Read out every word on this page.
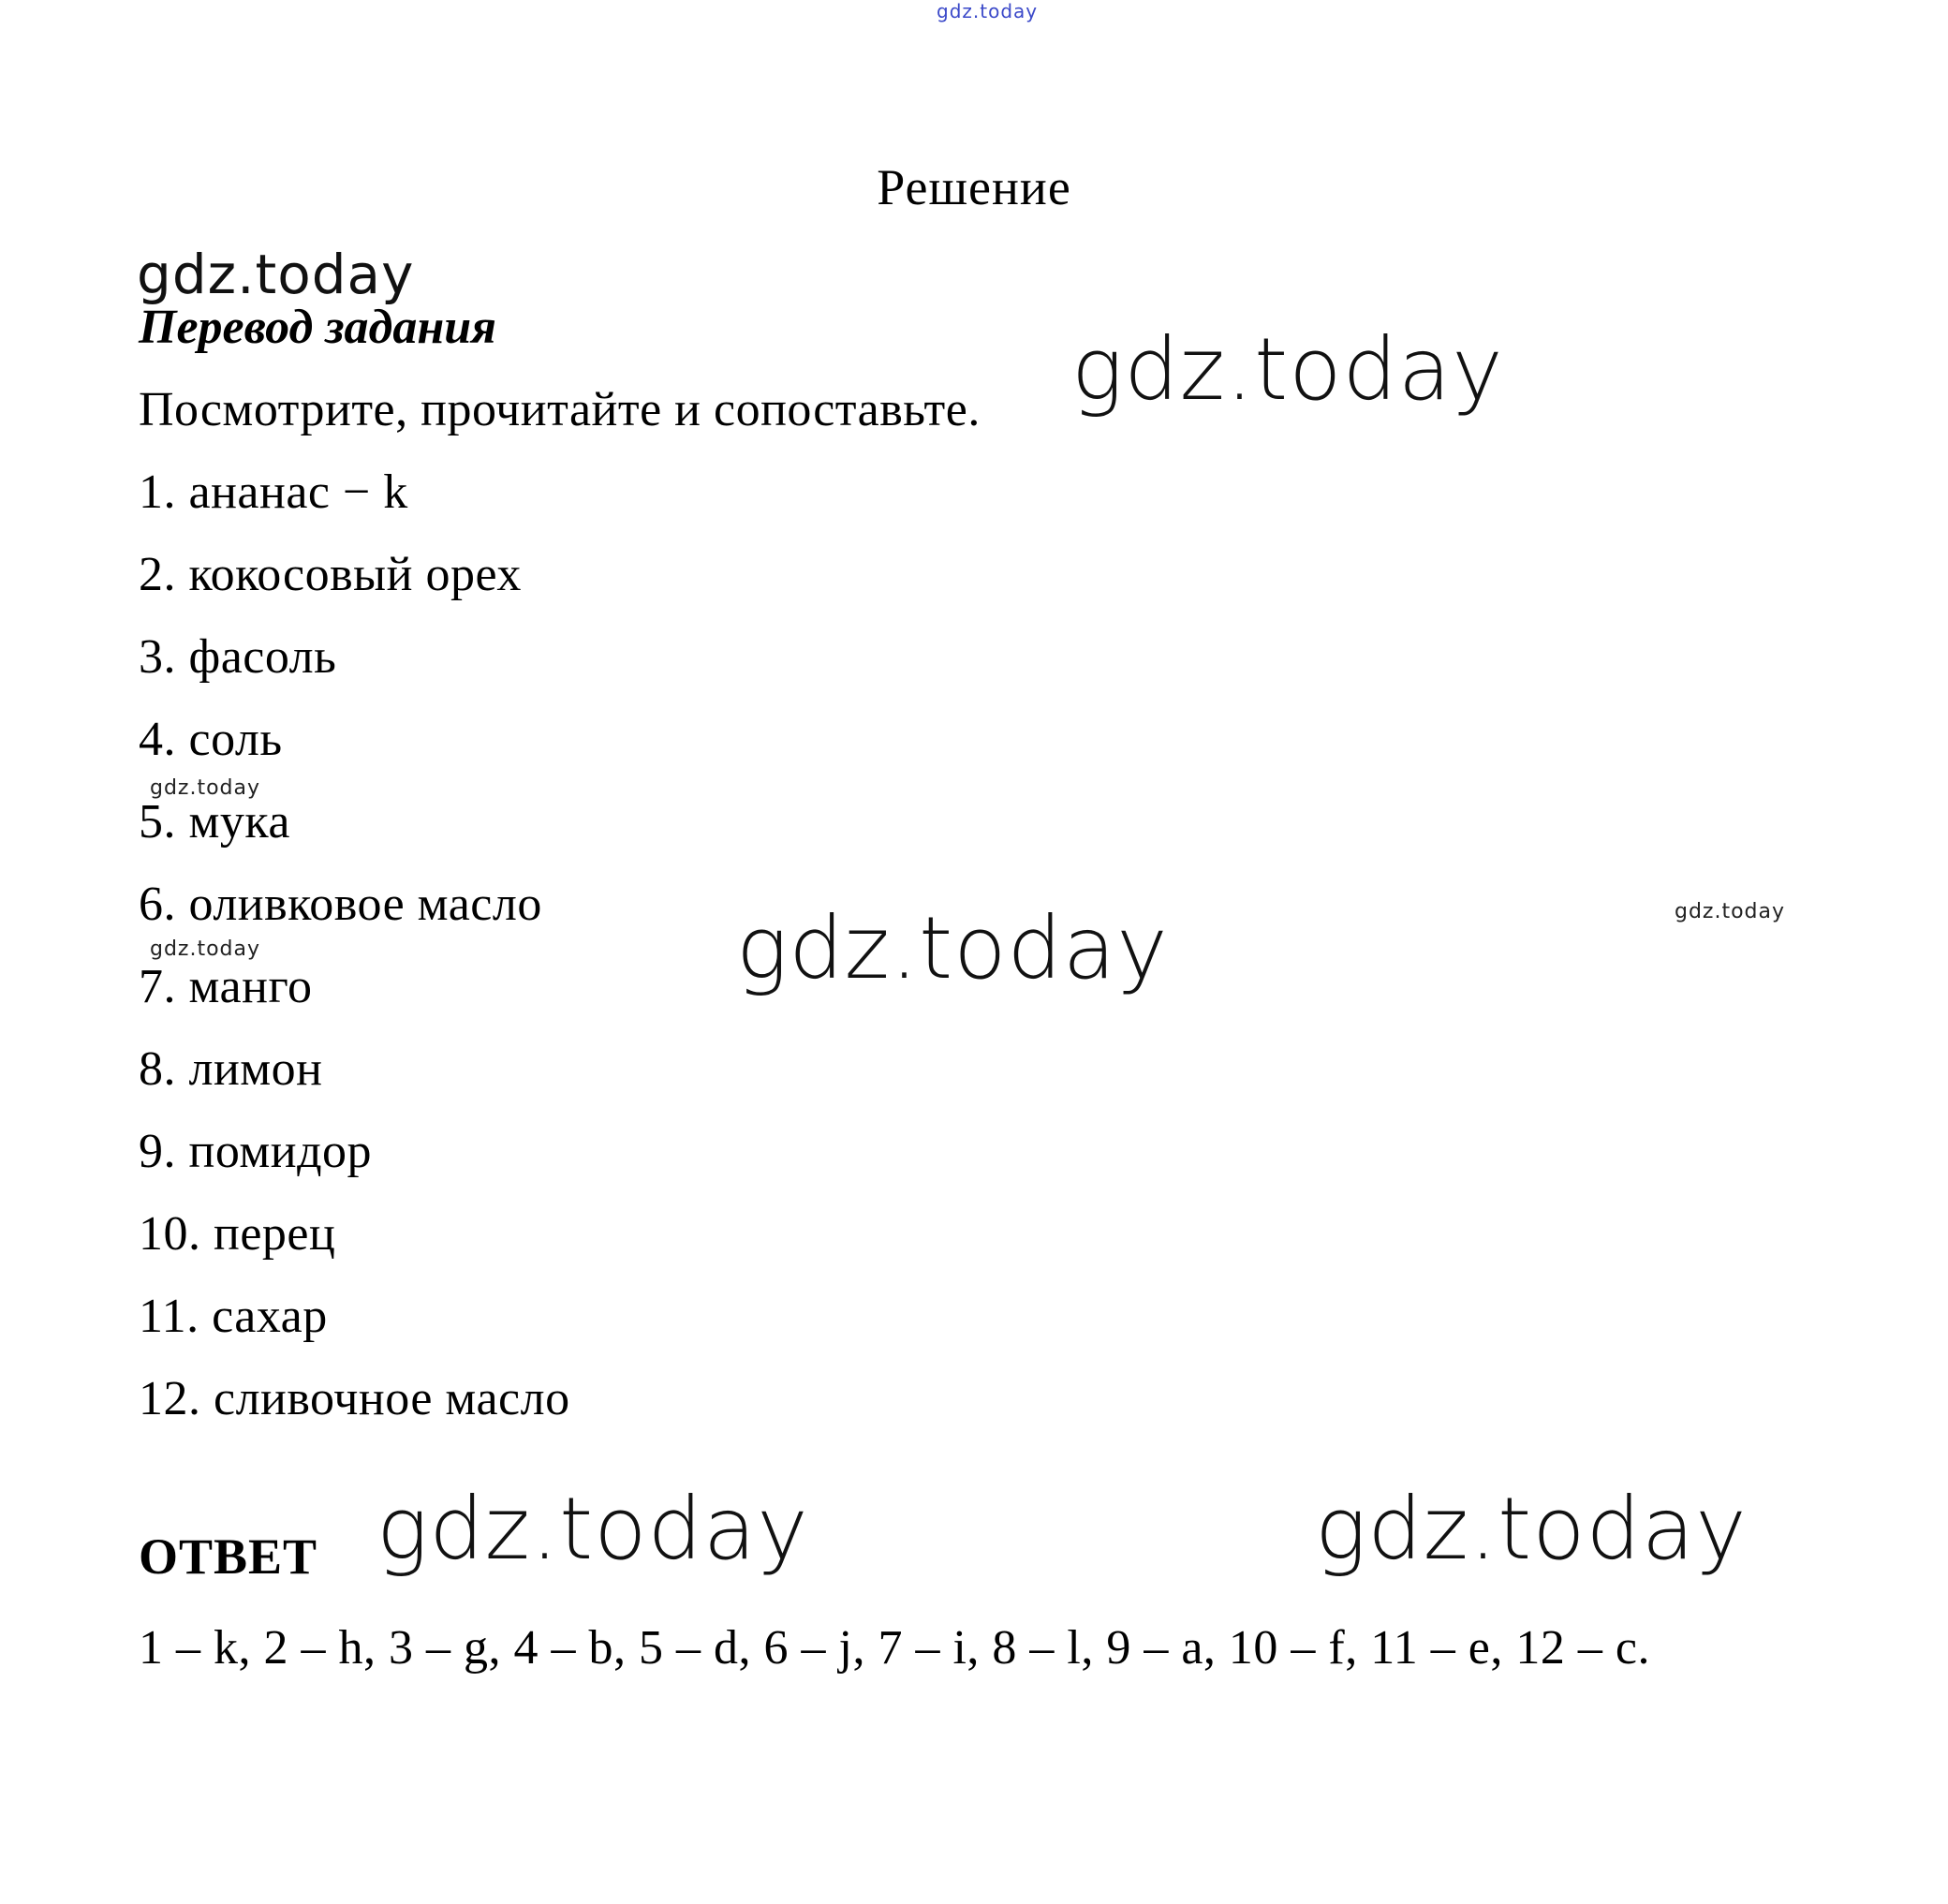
gdz.today
Решение
gdz.today
Перевод задания	gdz.today
Посмотрите, прочитайте и сопоставьте.
1. ананас − k
2. кокосовый орех
3. фасоль
4. соль
5. мука
6. оливковое масло
7. манго
8. лимон
9. помидор
10. перец
11. сахар
12. сливочное масло
gdz.today
gdz.today
gdz.today
gdz.today
ОТВЕТ gdz.today	gdz.today
1 – k, 2 – h, 3 – g, 4 – b, 5 – d, 6 – j, 7 – i, 8 – l, 9 – a, 10 – f, 11 – e, 12 – c.
